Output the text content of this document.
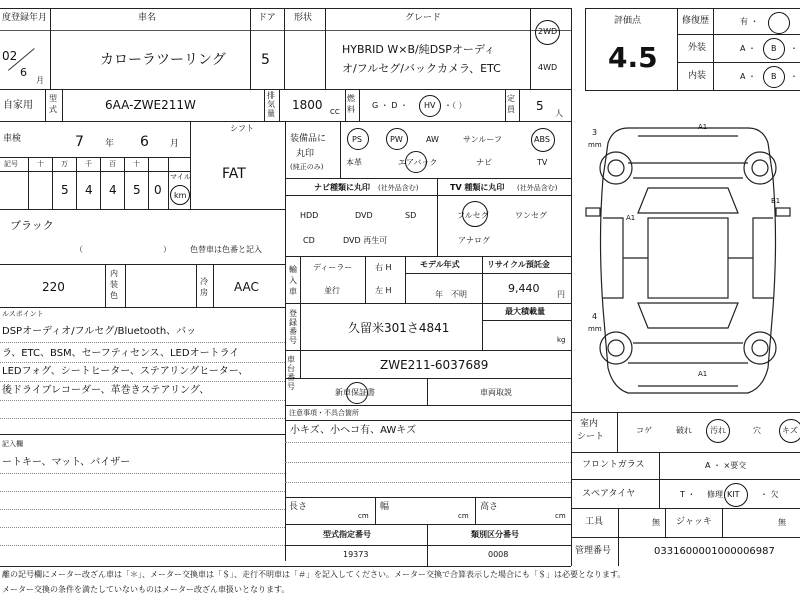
度登録年月
02
6
月
車名
カローラツーリング
ドア
5
形状	グレード
HYBRID W×B/純DSPオーディ
オ/フルセグ/バックカメラ、ETC
2WD
4WD
自家用
型式	6AA-ZWE211W
排気量
1800 CC
燃料 G ・ D ・ HV ・（ ）
定員 5
人
車検	7 年 6 月
シフト
FAT
記号	十 万 千 百 十
マイル
5 4 4 5 0 km
装備品に
丸印
(純正のみ)
PS	PW	AW	サンルーフ	ABS
本革	エアバック	ナビ	TV
ブラック
（　　　　　　　　　　） 色替車は色番と記入
ナビ種類に丸印 (社外品含む)
HDD	DVD	SD
CD	DVD 再生可
TV 種類に丸印 (社外品含む)
フルセグ	ワンセグ
アナログ
220
内装色
冷房 AAC
輸入車
ディーラー
並行
右 H
左 H
モデル年式
年　不明
リサイクル預託金
9,440 円
登録番号
久留米301さ4841
最大積載量
kg
車台番号
ZWE211-6037689
新車保証書	車両取説
注意事項・不具合箇所
小キズ、小ヘコ有、AWキズ
長さ
cm
幅
cm
高さ
cm
型式指定番号
19373
類別区分番号
0008
ルスポイント
DSPオーディオ/フルセグ/Bluetooth、バッ
ラ、ETC、BSM、セーフティセンス、LEDオートライ
LEDフォグ、シートヒーター、ステアリングヒーター、
後ドライブレコーダー、革巻きステアリング、
記入欄
ートキー、マット、バイザー
評価点
4.5
修復歴	有 ・
外装	A ・ B ・
内装	A ・ B ・
3
mm
4
mm
A1
A1
B1
A1
室内
シート
コゲ	破れ 汚れ	穴	キズ
フロントガラス	A ・ ×要交
スペアタイヤ	T ・ 修理 KIT	・ 欠
工具	無 ジャッキ	無
管理番号	0331600001000006987
離の記号欄にメーター改ざん車は「＊」、メーター交換車は「＄」、走行不明車は「＃」を記入してください。メーター交換で合算表示した場合にも「＄」は必要となります。
メーター交換の条件を満たしていないものはメーター改ざん車扱いとなります。
